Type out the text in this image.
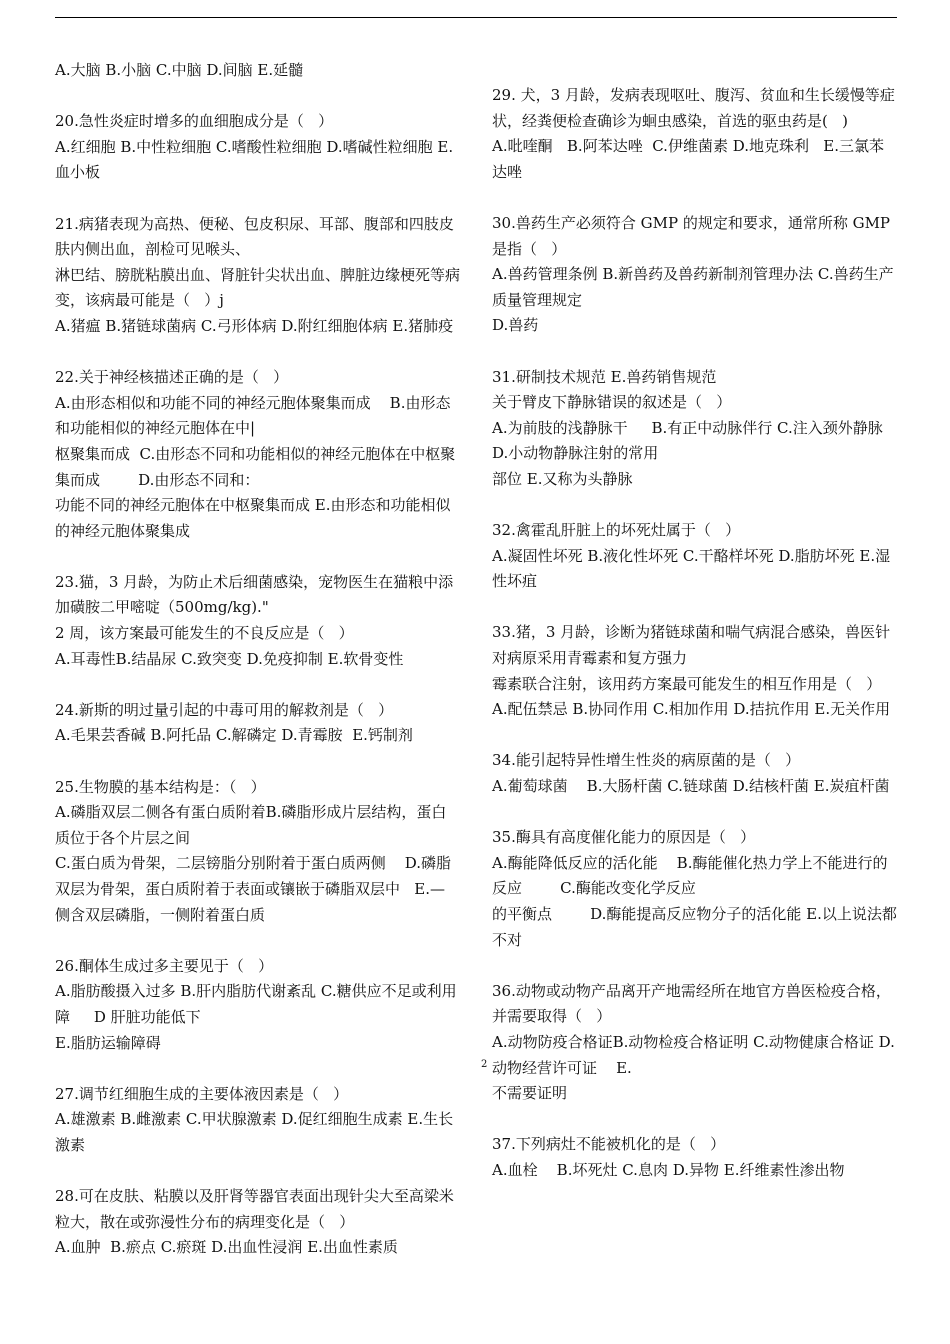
A.大脑 B.小脑 C.中脑 D.间脑 E.延髓

20.急性炎症时增多的血细胞成分是（   ）

A.红细胞 B.中性粒细胞 C.嗜酸性粒细胞 D.嗜碱性粒细胞 E.血小板

21.病猪表现为高热、便秘、包皮积尿、耳部、腹部和四肢皮肤内侧出血，剖检可见喉头、

淋巴结、膀胱粘膜出血、肾脏针尖状出血、脾脏边缘梗死等病变，该病最可能是（   ）j

A.猪瘟 B.猪链球菌病 C.弓形体病 D.附红细胞体病 E.猪肺疫

22.关于神经核描述正确的是（   ）

A.由形态相似和功能不同的神经元胞体聚集而成    B.由形态和功能相似的神经元胞体在中|

枢聚集而成  C.由形态不同和功能相似的神经元胞体在中枢聚集而成        D.由形态不同和：

功能不同的神经元胞体在中枢聚集而成 E.由形态和功能相似的神经元胞体聚集成

23.猫，3 月龄，为防止术后细菌感染，宠物医生在猫粮中添加磺胺二甲嘧啶（500mg/kg)."

2 周，该方案最可能发生的不良反应是（   ）

A.耳毒性B.结晶尿 C.致突变 D.免疫抑制 E.软骨变性

24.新斯的明过量引起的中毒可用的解救剂是（   ）

A.毛果芸香碱 B.阿托品 C.解磷定 D.青霉胺  E.钙制剂

25.生物膜的基本结构是：（   ）

A.磷脂双层二侧各有蛋白质附着B.磷脂形成片层结构，蛋白质位于各个片层之间

C.蛋白质为骨架，二层镑脂分别附着于蛋白质两侧    D.磷脂双层为骨架，蛋白质附着于表面或镶嵌于磷脂双层中   E.—侧含双层磷脂，一侧附着蛋白质

26.酮体生成过多主要见于（   ）

A.脂肪酸摄入过多 B.肝内脂肪代谢紊乱 C.糖供应不足或利用障     D 肝脏功能低下

E.脂肪运输障碍

27.调节红细胞生成的主要体液因素是（   ）

A.雄激素 B.雌激素 C.甲状腺激素 D.促红细胞生成素 E.生长激素

28.可在皮肤、粘膜以及肝肾等器官表面出现针尖大至高梁米粒大，散在或弥漫性分布的病理变化是（   ）

A.血肿  B.瘀点 C.瘀斑 D.出血性浸润 E.出血性素质

29. 犬，3 月龄，发病表现呕吐、腹泻、贫血和生长缓慢等症状，经粪便检查确诊为蛔虫感染，首选的驱虫药是(   )

A.吡喹酮   B.阿苯达唑  C.伊维菌素 D.地克珠利   E.三氯苯达唑

30.兽药生产必须符合 GMP 的规定和要求，通常所称 GMP 是指（   ）

A.兽药管理条例 B.新兽药及兽药新制剂管理办法 C.兽药生产质量管理规定

D.兽药

31.研制技术规范 E.兽药销售规范

关于臂皮下静脉错误的叙述是（   ）

A.为前肢的浅静脉干     B.有正中动脉伴行 C.注入颈外静脉 D.小动物静脉注射的常用

部位 E.又称为头静脉

32.禽霍乱肝脏上的坏死灶属于（   ）

A.凝固性坏死 B.液化性坏死 C.干酪样坏死 D.脂肪坏死 E.湿性坏疽

33.猪，3 月龄，诊断为猪链球菌和喘气病混合感染，兽医针对病原采用青霉素和复方强力

霉素联合注射，该用药方案最可能发生的相互作用是（   ）

A.配伍禁忌 B.协同作用 C.相加作用 D.拮抗作用 E.无关作用

34.能引起特异性增生性炎的病原菌的是（   ）

A.葡萄球菌    B.大肠杆菌 C.链球菌 D.结核杆菌 E.炭疽杆菌

35.酶具有高度催化能力的原因是（   ）

A.酶能降低反应的活化能    B.酶能催化热力学上不能进行的反应        C.酶能改变化学反应

的平衡点        D.酶能提高反应物分子的活化能 E.以上说法都不对

36.动物或动物产品离开产地需经所在地官方兽医检疫合格，并需要取得（   ）

A.动物防疫合格证B.动物检疫合格证明 C.动物健康合格证 D.动物经营许可证    E.

不需要证明

37.下列病灶不能被机化的是（   ）

A.血栓    B.坏死灶 C.息肉 D.异物 E.纤维素性渗出物

2
